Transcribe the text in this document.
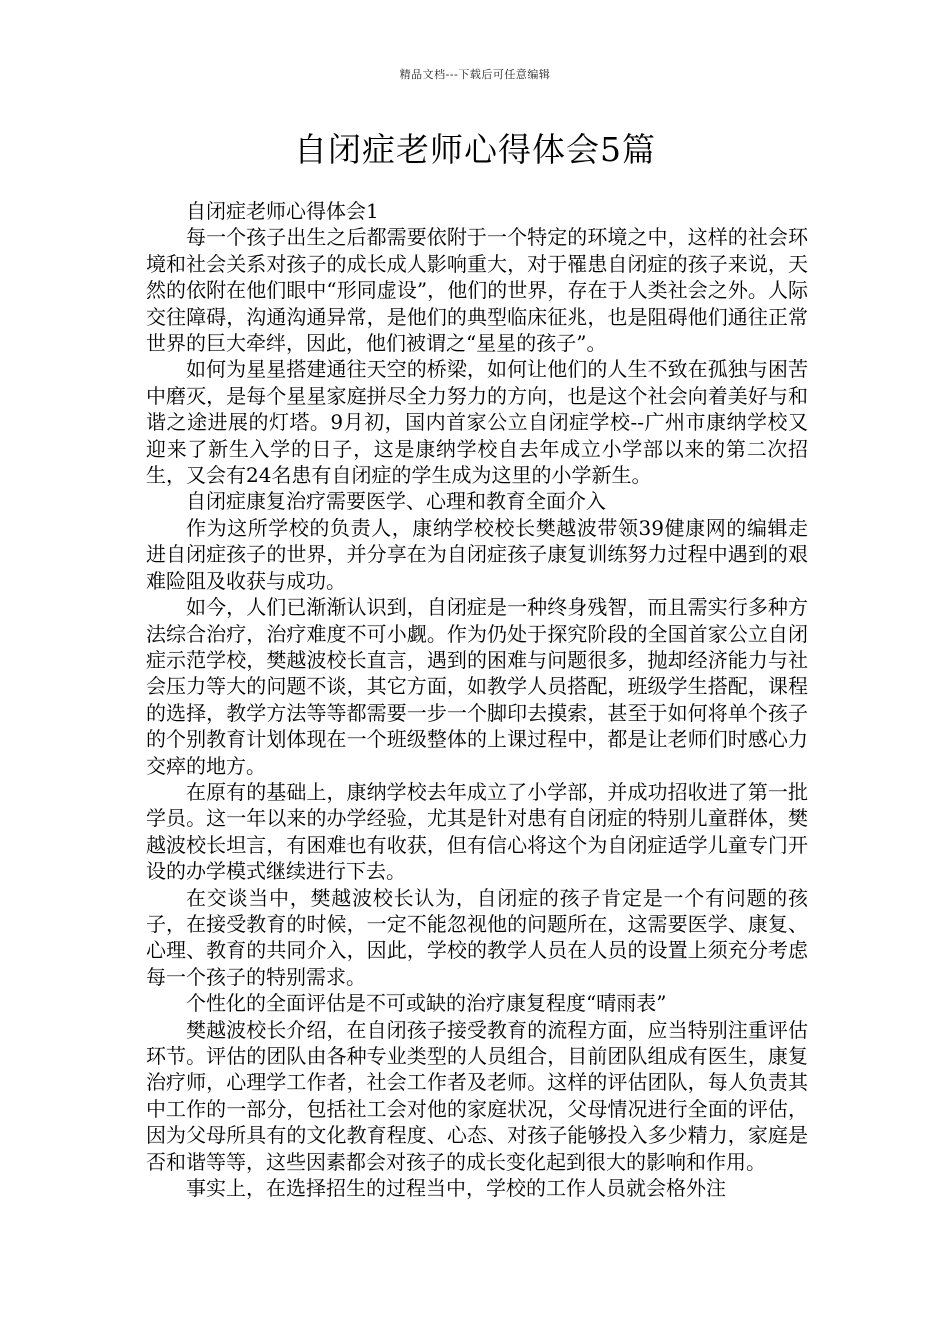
精品文档---下载后可任意编辑
自闭症老师心得体会5篇

自闭症老师心得体会1

每一个孩子出生之后都需要依附于一个特定的环境之中，这样的社会环境和社会关系对孩子的成长成人影响重大，对于罹患自闭症的孩子来说，天然的依附在他们眼中“形同虚设”，他们的世界，存在于人类社会之外。人际交往障碍，沟通沟通异常，是他们的典型临床征兆，也是阻碍他们通往正常世界的巨大牵绊，因此，他们被谓之“星星的孩子”。

如何为星星搭建通往天空的桥梁，如何让他们的人生不致在孤独与困苦中磨灭，是每个星星家庭拼尽全力努力的方向，也是这个社会向着美好与和谐之途进展的灯塔。9月初，国内首家公立自闭症学校--广州市康纳学校又迎来了新生入学的日子，这是康纳学校自去年成立小学部以来的第二次招生，又会有24名患有自闭症的学生成为这里的小学新生。

自闭症康复治疗需要医学、心理和教育全面介入

作为这所学校的负责人，康纳学校校长樊越波带领39健康网的编辑走进自闭症孩子的世界，并分享在为自闭症孩子康复训练努力过程中遇到的艰难险阻及收获与成功。

如今，人们已渐渐认识到，自闭症是一种终身残智，而且需实行多种方法综合治疗，治疗难度不可小觑。作为仍处于探究阶段的全国首家公立自闭症示范学校，樊越波校长直言，遇到的困难与问题很多，抛却经济能力与社会压力等大的问题不谈，其它方面，如教学人员搭配，班级学生搭配，课程的选择，教学方法等等都需要一步一个脚印去摸索，甚至于如何将单个孩子的个别教育计划体现在一个班级整体的上课过程中，都是让老师们时感心力交瘁的地方。

在原有的基础上，康纳学校去年成立了小学部，并成功招收进了第一批学员。这一年以来的办学经验，尤其是针对患有自闭症的特别儿童群体，樊越波校长坦言，有困难也有收获，但有信心将这个为自闭症适学儿童专门开设的办学模式继续进行下去。

在交谈当中，樊越波校长认为，自闭症的孩子肯定是一个有问题的孩子，在接受教育的时候，一定不能忽视他的问题所在，这需要医学、康复、心理、教育的共同介入，因此，学校的教学人员在人员的设置上须充分考虑每一个孩子的特别需求。

个性化的全面评估是不可或缺的治疗康复程度“晴雨表”

樊越波校长介绍，在自闭孩子接受教育的流程方面，应当特别注重评估环节。评估的团队由各种专业类型的人员组合，目前团队组成有医生，康复治疗师，心理学工作者，社会工作者及老师。这样的评估团队，每人负责其中工作的一部分，包括社工会对他的家庭状况，父母情况进行全面的评估，因为父母所具有的文化教育程度、心态、对孩子能够投入多少精力，家庭是否和谐等等，这些因素都会对孩子的成长变化起到很大的影响和作用。

事实上，在选择招生的过程当中，学校的工作人员就会格外注
